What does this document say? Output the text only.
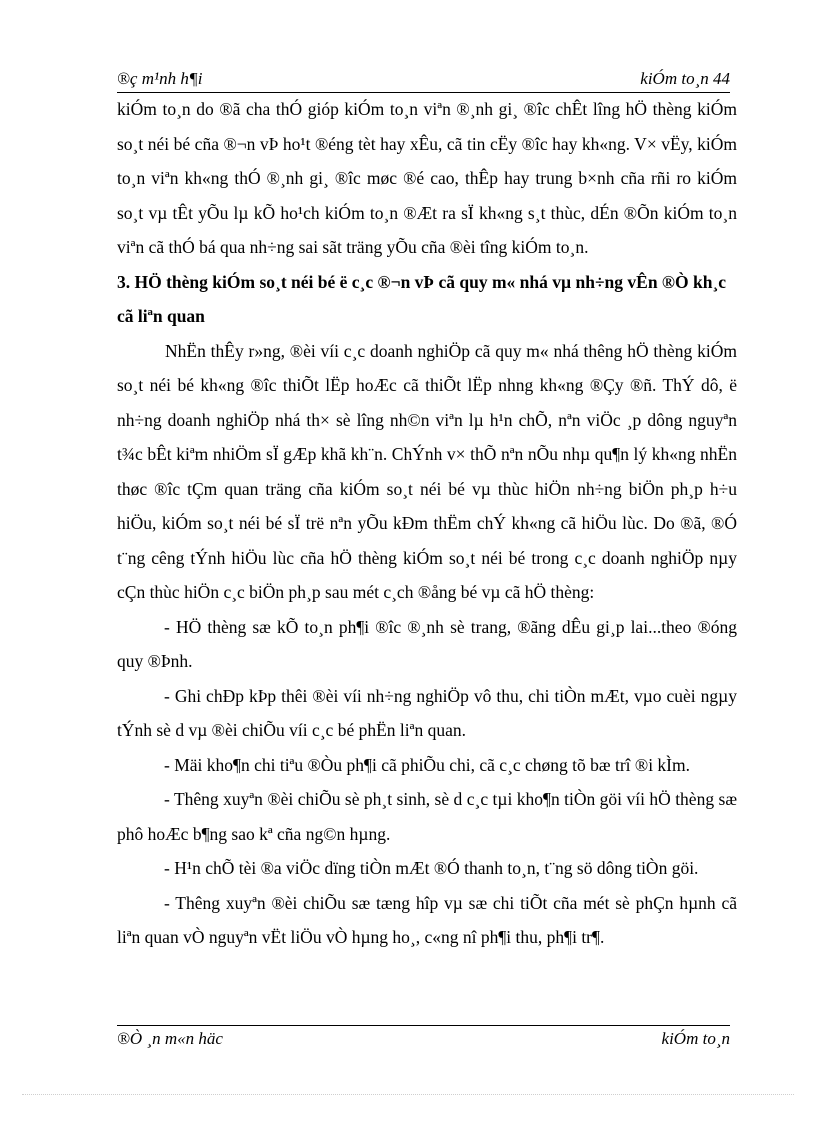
®ç m¹nh h¶i	kiÓm to¸n 44

kiÓm to¸n do ®ã cha thÓ gióp kiÓm to¸n viªn ®¸nh gi¸ ®îc chÊt lîng hÖ thèng kiÓm so¸t néi bé cña ®¬n vÞ ho¹t ®éng tèt hay xÊu, cã tin cËy ®îc hay kh«ng. V× vËy, kiÓm to¸n viªn kh«ng thÓ ®¸nh gi¸ ®îc møc ®é cao, thÊp hay trung b×nh cña rñi ro kiÓm so¸t vµ tÊt yÕu lµ kÕ ho¹ch kiÓm to¸n ®Æt ra sÏ kh«ng s¸t thùc, dÉn ®Õn kiÓm to¸n viªn cã thÓ bá qua nh÷ng sai sãt träng yÕu cña ®èi tîng kiÓm to¸n.

3. HÖ thèng kiÓm so¸t néi bé ë c¸c ®¬n vÞ cã quy m« nhá vµ nh÷ng vÊn ®Ò kh¸c cã liªn quan

NhËn thÊy r»ng, ®èi víi c¸c doanh nghiÖp cã quy m« nhá thêng hÖ thèng kiÓm so¸t néi bé kh«ng ®îc thiÕt lËp hoÆc cã thiÕt lËp nhng kh«ng ®Çy ®ñ. ThÝ dô, ë nh÷ng doanh nghiÖp nhá th× sè lîng nh©n viªn lµ h¹n chÕ, nªn viÖc ¸p dông nguyªn t¾c bÊt kiªm nhiÖm sÏ gÆp khã kh¨n. ChÝnh v× thÕ nªn nÕu nhµ qu¶n lý kh«ng nhËn thøc ®îc tÇm quan träng cña kiÓm so¸t néi bé vµ thùc hiÖn nh÷ng biÖn ph¸p h÷u hiÖu, kiÓm so¸t néi bé sÏ trë nªn yÕu kÐm thËm chÝ kh«ng cã hiÖu lùc. Do ®ã, ®Ó t¨ng cêng tÝnh hiÖu lùc cña hÖ thèng kiÓm so¸t néi bé trong c¸c doanh nghiÖp nµy cÇn thùc hiÖn c¸c biÖn ph¸p sau mét c¸ch ®ång bé vµ cã hÖ thèng:

- HÖ thèng sæ kÕ to¸n ph¶i ®îc ®¸nh sè trang, ®ãng dÊu gi¸p lai...theo ®óng quy ®Þnh.

- Ghi chÐp kÞp thêi ®èi víi nh÷ng nghiÖp vô thu, chi tiÒn mÆt, vµo cuèi ngµy tÝnh sè d vµ ®èi chiÕu víi c¸c bé phËn liªn quan.

- Mäi kho¶n chi tiªu ®Òu ph¶i cã phiÕu chi, cã c¸c chøng tõ bæ trî ®i kÌm.

- Thêng xuyªn ®èi chiÕu sè ph¸t sinh, sè d c¸c tµi kho¶n tiÒn göi víi hÖ thèng sæ phô hoÆc b¶ng sao kª cña ng©n hµng.

- H¹n chÕ tèi ®a viÖc dïng tiÒn mÆt ®Ó thanh to¸n, t¨ng sö dông tiÒn göi.

- Thêng xuyªn ®èi chiÕu sæ tæng hîp vµ sæ chi tiÕt cña mét sè phÇn hµnh cã liªn quan vÒ nguyªn vËt liÖu vÒ hµng ho¸, c«ng nî ph¶i thu, ph¶i tr¶.

®Ò ¸n m«n häc	kiÓm to¸n
